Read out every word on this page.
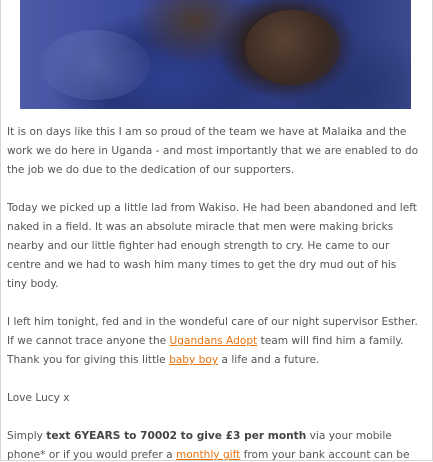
It is on days like this I am so proud of the team we have at Malaika and the
work we do here in Uganda - and most importantly that we are enabled to do
the job we do due to the dedication of our supporters.

Today we picked up a little lad from Wakiso. He had been abandoned and left
naked in a field. It was an absolute miracle that men were making bricks
nearby and our little fighter had enough strength to cry. He came to our
centre and we had to wash him many times to get the dry mud out of his
tiny body.

I left him tonight, fed and in the wondeful care of our night supervisor Esther.
If we cannot trace anyone the Ugandans Adopt team will find him a family.
Thank you for giving this little baby boy a life and a future.

Love Lucy x

Simply text 6YEARS to 70002 to give £3 per month via your mobile
phone* or if you would prefer a monthly gift from your bank account can be
